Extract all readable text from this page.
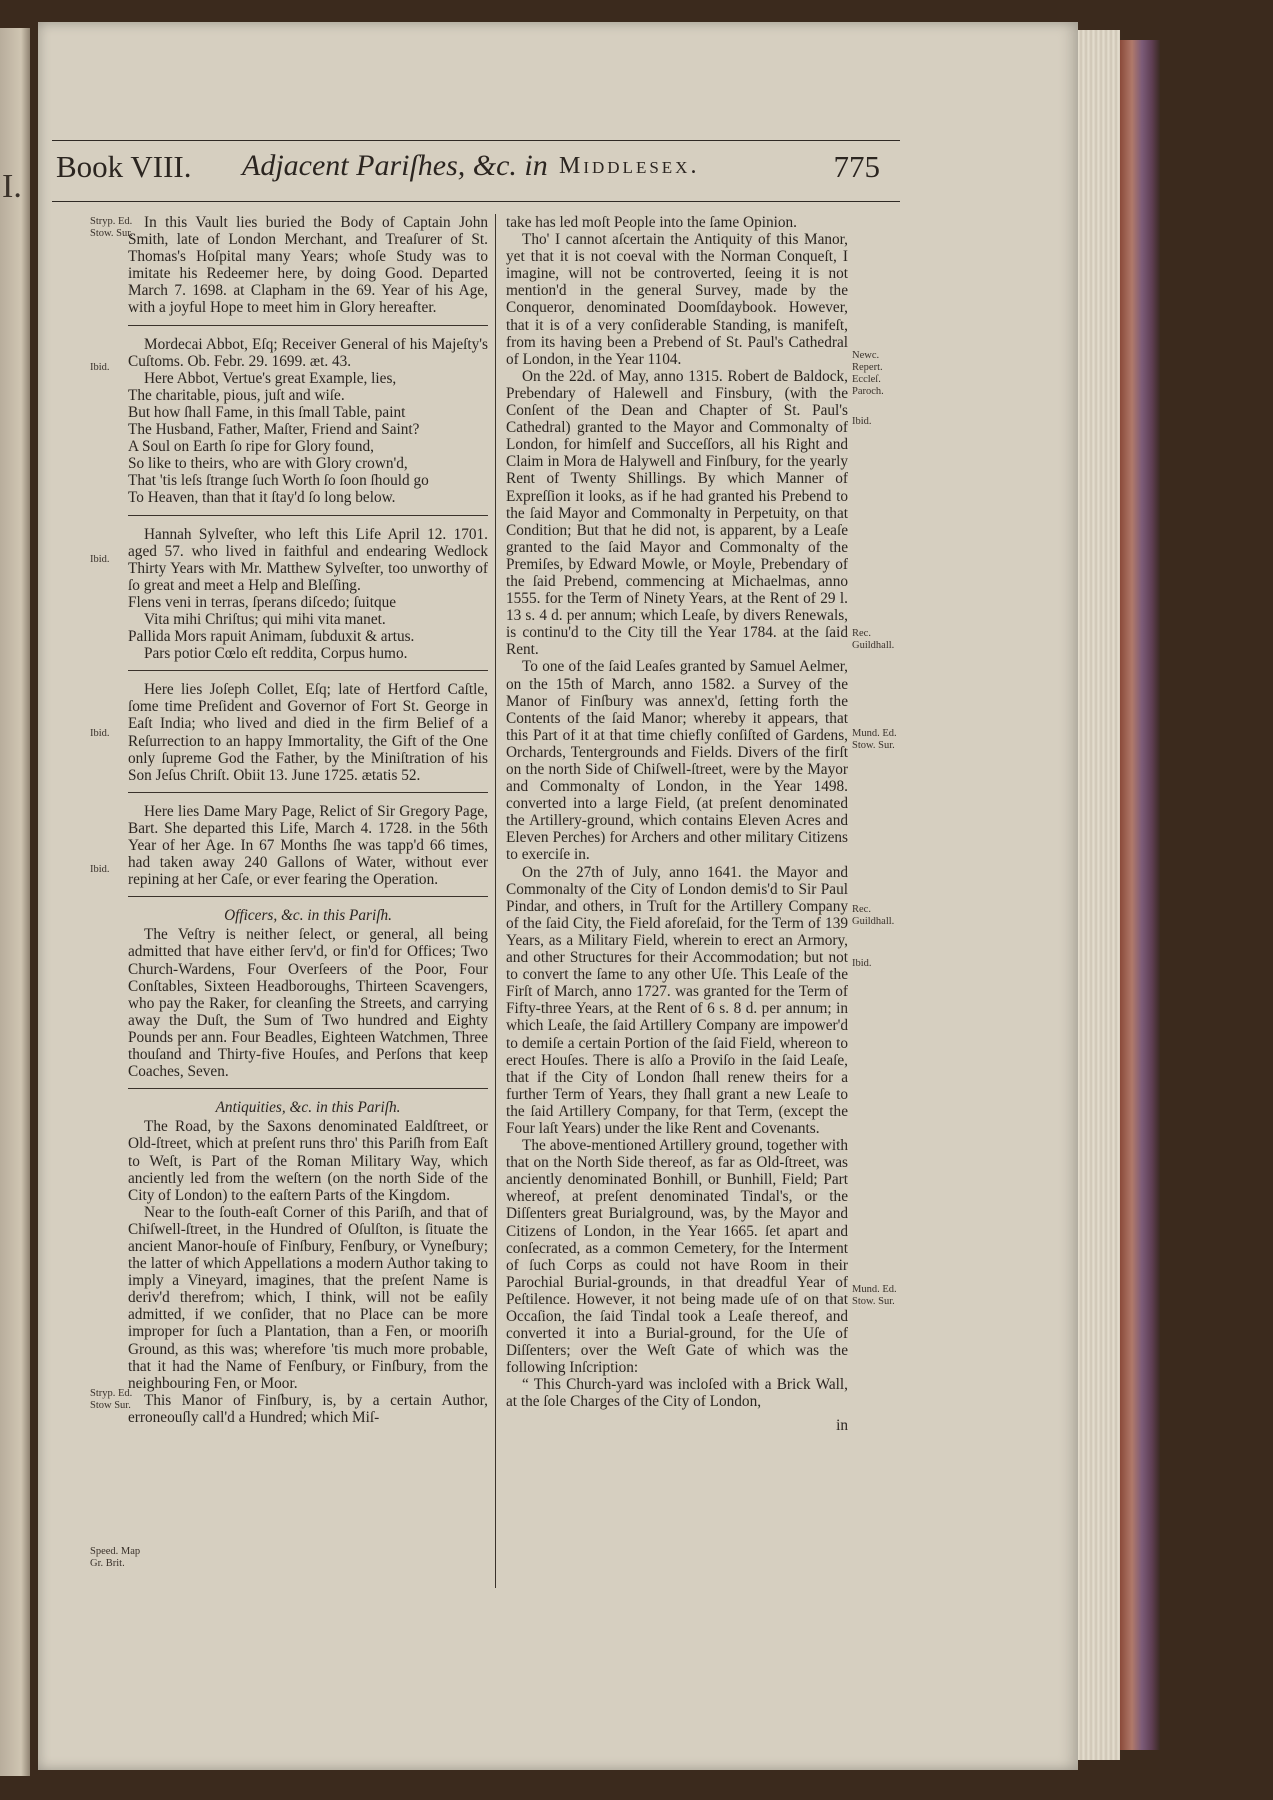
I.
Book VIII. Adjacent Pariſhes, &c. in Middlesex.	775
Stryp. Ed. Stow. Sur.
Ibid.
Ibid.
Ibid.
Ibid.
Stryp. Ed. Stow Sur.
Speed. Map Gr. Brit.
Newc. Repert. Eccleſ. Paroch.
Ibid.
Rec. Guildhall.
Mund. Ed. Stow. Sur.
Rec. Guildhall.
Ibid.
Mund. Ed. Stow. Sur.

In this Vault lies buried the Body of Captain John Smith, late of London Merchant, and Treaſurer of St. Thomas's Hoſpital many Years; whoſe Study was to imitate his Redeemer here, by doing Good. Departed March 7. 1698. at Clapham in the 69. Year of his Age, with a joyful Hope to meet him in Glory hereafter.

Mordecai Abbot, Eſq; Receiver General of his Majeſty's Cuſtoms. Ob. Febr. 29. 1699. æt. 43.

Here Abbot, Vertue's great Example, lies,

The charitable, pious, juſt and wiſe.

But how ſhall Fame, in this ſmall Table, paint

The Husband, Father, Maſter, Friend and Saint?

A Soul on Earth ſo ripe for Glory found,

So like to theirs, who are with Glory crown'd,

That 'tis leſs ſtrange ſuch Worth ſo ſoon ſhould go

To Heaven, than that it ſtay'd ſo long below.

Hannah Sylveſter, who left this Life April 12. 1701. aged 57. who lived in faithful and endearing Wedlock Thirty Years with Mr. Matthew Sylveſter, too unworthy of ſo great and meet a Help and Bleſſing.

Flens veni in terras, ſperans diſcedo; ſuitque

Vita mihi Chriſtus; qui mihi vita manet.

Pallida Mors rapuit Animam, ſubduxit & artus.

Pars potior Cœlo eſt reddita, Corpus humo.

Here lies Joſeph Collet, Eſq; late of Hertford Caſtle, ſome time Preſident and Governor of Fort St. George in Eaſt India; who lived and died in the firm Belief of a Reſurrection to an happy Immortality, the Gift of the One only ſupreme God the Father, by the Miniſtration of his Son Jeſus Chriſt. Obiit 13. June 1725. ætatis 52.

Here lies Dame Mary Page, Relict of Sir Gregory Page, Bart. She departed this Life, March 4. 1728. in the 56th Year of her Age. In 67 Months ſhe was tapp'd 66 times, had taken away 240 Gallons of Water, without ever repining at her Caſe, or ever fearing the Operation.

Officers, &c. in this Pariſh.

The Veſtry is neither ſelect, or general, all being admitted that have either ſerv'd, or fin'd for Offices; Two Church-Wardens, Four Overſeers of the Poor, Four Conſtables, Sixteen Headboroughs, Thirteen Scavengers, who pay the Raker, for cleanſing the Streets, and carrying away the Duſt, the Sum of Two hundred and Eighty Pounds per ann. Four Beadles, Eighteen Watchmen, Three thouſand and Thirty-five Houſes, and Perſons that keep Coaches, Seven.

Antiquities, &c. in this Pariſh.

The Road, by the Saxons denominated Ealdſtreet, or Old-ſtreet, which at preſent runs thro' this Pariſh from Eaſt to Weſt, is Part of the Roman Military Way, which anciently led from the weſtern (on the north Side of the City of London) to the eaſtern Parts of the Kingdom.

Near to the ſouth-eaſt Corner of this Pariſh, and that of Chiſwell-ſtreet, in the Hundred of Oſulſton, is ſituate the ancient Manor-houſe of Finſbury, Fenſbury, or Vyneſbury; the latter of which Appellations a modern Author taking to imply a Vineyard, imagines, that the preſent Name is deriv'd therefrom; which, I think, will not be eaſily admitted, if we conſider, that no Place can be more improper for ſuch a Plantation, than a Fen, or mooriſh Ground, as this was; wherefore 'tis much more probable, that it had the Name of Fenſbury, or Finſbury, from the neighbouring Fen, or Moor.

This Manor of Finſbury, is, by a certain Author, erroneouſly call'd a Hundred; which Miſ-

take has led moſt People into the ſame Opinion.

Tho' I cannot aſcertain the Antiquity of this Manor, yet that it is not coeval with the Norman Conqueſt, I imagine, will not be controverted, ſeeing it is not mention'd in the general Survey, made by the Conqueror, denominated Doomſdaybook. However, that it is of a very conſiderable Standing, is manifeſt, from its having been a Prebend of St. Paul's Cathedral of London, in the Year 1104.

On the 22d. of May, anno 1315. Robert de Baldock, Prebendary of Halewell and Finsbury, (with the Conſent of the Dean and Chapter of St. Paul's Cathedral) granted to the Mayor and Commonalty of London, for himſelf and Succeſſors, all his Right and Claim in Mora de Halywell and Finſbury, for the yearly Rent of Twenty Shillings. By which Manner of Expreſſion it looks, as if he had granted his Prebend to the ſaid Mayor and Commonalty in Perpetuity, on that Condition; But that he did not, is apparent, by a Leaſe granted to the ſaid Mayor and Commonalty of the Premiſes, by Edward Mowle, or Moyle, Prebendary of the ſaid Prebend, commencing at Michaelmas, anno 1555. for the Term of Ninety Years, at the Rent of 29 l. 13 s. 4 d. per annum; which Leaſe, by divers Renewals, is continu'd to the City till the Year 1784. at the ſaid Rent.

To one of the ſaid Leaſes granted by Samuel Aelmer, on the 15th of March, anno 1582. a Survey of the Manor of Finſbury was annex'd, ſetting forth the Contents of the ſaid Manor; whereby it appears, that this Part of it at that time chiefly conſiſted of Gardens, Orchards, Tentergrounds and Fields. Divers of the firſt on the north Side of Chiſwell-ſtreet, were by the Mayor and Commonalty of London, in the Year 1498. converted into a large Field, (at preſent denominated the Artillery-ground, which contains Eleven Acres and Eleven Perches) for Archers and other military Citizens to exerciſe in.

On the 27th of July, anno 1641. the Mayor and Commonalty of the City of London demis'd to Sir Paul Pindar, and others, in Truſt for the Artillery Company of the ſaid City, the Field aforeſaid, for the Term of 139 Years, as a Military Field, wherein to erect an Armory, and other Structures for their Accommodation; but not to convert the ſame to any other Uſe. This Leaſe of the Firſt of March, anno 1727. was granted for the Term of Fifty-three Years, at the Rent of 6 s. 8 d. per annum; in which Leaſe, the ſaid Artillery Company are impower'd to demiſe a certain Portion of the ſaid Field, whereon to erect Houſes. There is alſo a Proviſo in the ſaid Leaſe, that if the City of London ſhall renew theirs for a further Term of Years, they ſhall grant a new Leaſe to the ſaid Artillery Company, for that Term, (except the Four laſt Years) under the like Rent and Covenants.

The above-mentioned Artillery ground, together with that on the North Side thereof, as far as Old-ſtreet, was anciently denominated Bonhill, or Bunhill, Field; Part whereof, at preſent denominated Tindal's, or the Diſſenters great Burialground, was, by the Mayor and Citizens of London, in the Year 1665. ſet apart and conſecrated, as a common Cemetery, for the Interment of ſuch Corps as could not have Room in their Parochial Burial-grounds, in that dreadful Year of Peſtilence. However, it not being made uſe of on that Occaſion, the ſaid Tindal took a Leaſe thereof, and converted it into a Burial-ground, for the Uſe of Diſſenters; over the Weſt Gate of which was the following Inſcription:

“ This Church-yard was incloſed with a Brick Wall, at the ſole Charges of the City of London,

in
